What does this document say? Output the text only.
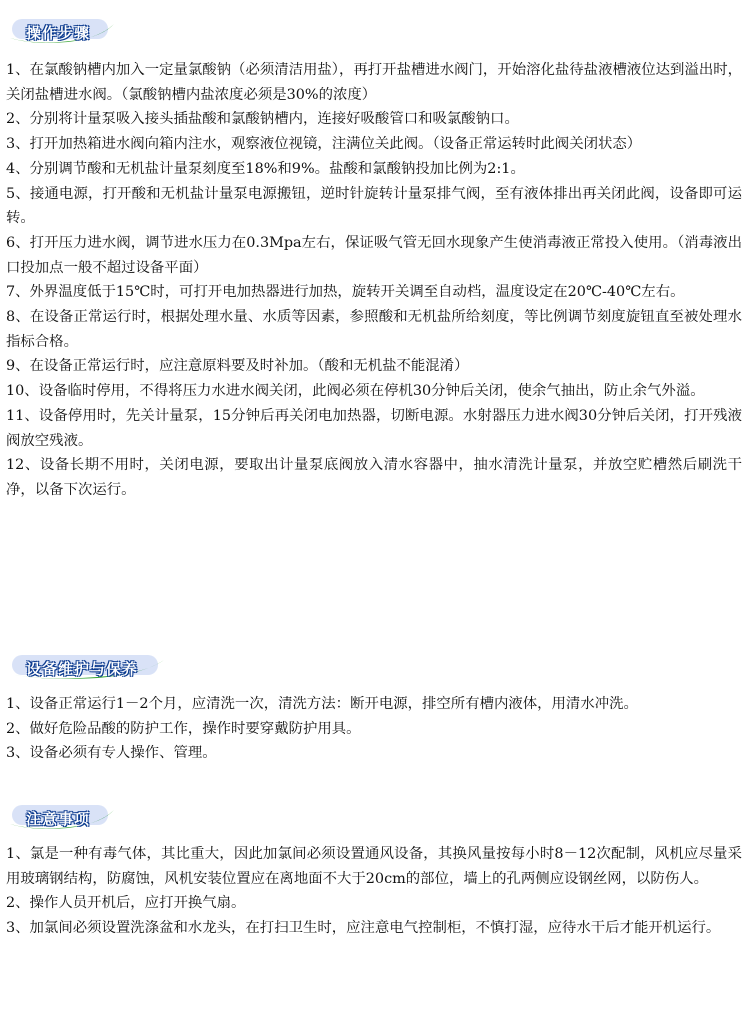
操作步骤
1、在氯酸钠槽内加入一定量氯酸钠（必须清洁用盐），再打开盐槽进水阀门，开始溶化盐待盐液槽液位达到溢出时，关闭盐槽进水阀。（氯酸钠槽内盐浓度必须是30%的浓度）
2、分别将计量泵吸入接头插盐酸和氯酸钠槽内，连接好吸酸管口和吸氯酸钠口。
3、打开加热箱进水阀向箱内注水，观察液位视镜，注满位关此阀。（设备正常运转时此阀关闭状态）
4、分别调节酸和无机盐计量泵刻度至18%和9%。盐酸和氯酸钠投加比例为2:1。
5、接通电源，打开酸和无机盐计量泵电源搬钮，逆时针旋转计量泵排气阀，至有液体排出再关闭此阀，设备即可运转。
6、打开压力进水阀，调节进水压力在0.3Mpa左右，保证吸气管无回水现象产生使消毒液正常投入使用。（消毒液出口投加点一般不超过设备平面）
7、外界温度低于15℃时，可打开电加热器进行加热，旋转开关调至自动档，温度设定在20℃-40℃左右。
8、在设备正常运行时，根据处理水量、水质等因素，参照酸和无机盐所给刻度，等比例调节刻度旋钮直至被处理水指标合格。
9、在设备正常运行时，应注意原料要及时补加。（酸和无机盐不能混淆）
10、设备临时停用，不得将压力水进水阀关闭，此阀必须在停机30分钟后关闭，使余气抽出，防止余气外溢。
11、设备停用时，先关计量泵，15分钟后再关闭电加热器，切断电源。水射器压力进水阀30分钟后关闭，打开残液阀放空残液。
12、设备长期不用时，关闭电源，要取出计量泵底阀放入清水容器中，抽水清洗计量泵，并放空贮槽然后刷洗干净，以备下次运行。
设备维护与保养
1、设备正常运行1－2个月，应清洗一次，清洗方法：断开电源，排空所有槽内液体，用清水冲洗。
2、做好危险品酸的防护工作，操作时要穿戴防护用具。
3、设备必须有专人操作、管理。
注意事项
1、氯是一种有毒气体，其比重大，因此加氯间必须设置通风设备，其换风量按每小时8－12次配制，风机应尽量采用玻璃钢结构，防腐蚀，风机安装位置应在离地面不大于20cm的部位，墙上的孔两侧应设钢丝网，以防伤人。
2、操作人员开机后，应打开换气扇。
3、加氯间必须设置洗涤盆和水龙头，在打扫卫生时，应注意电气控制柜，不慎打湿，应待水干后才能开机运行。
